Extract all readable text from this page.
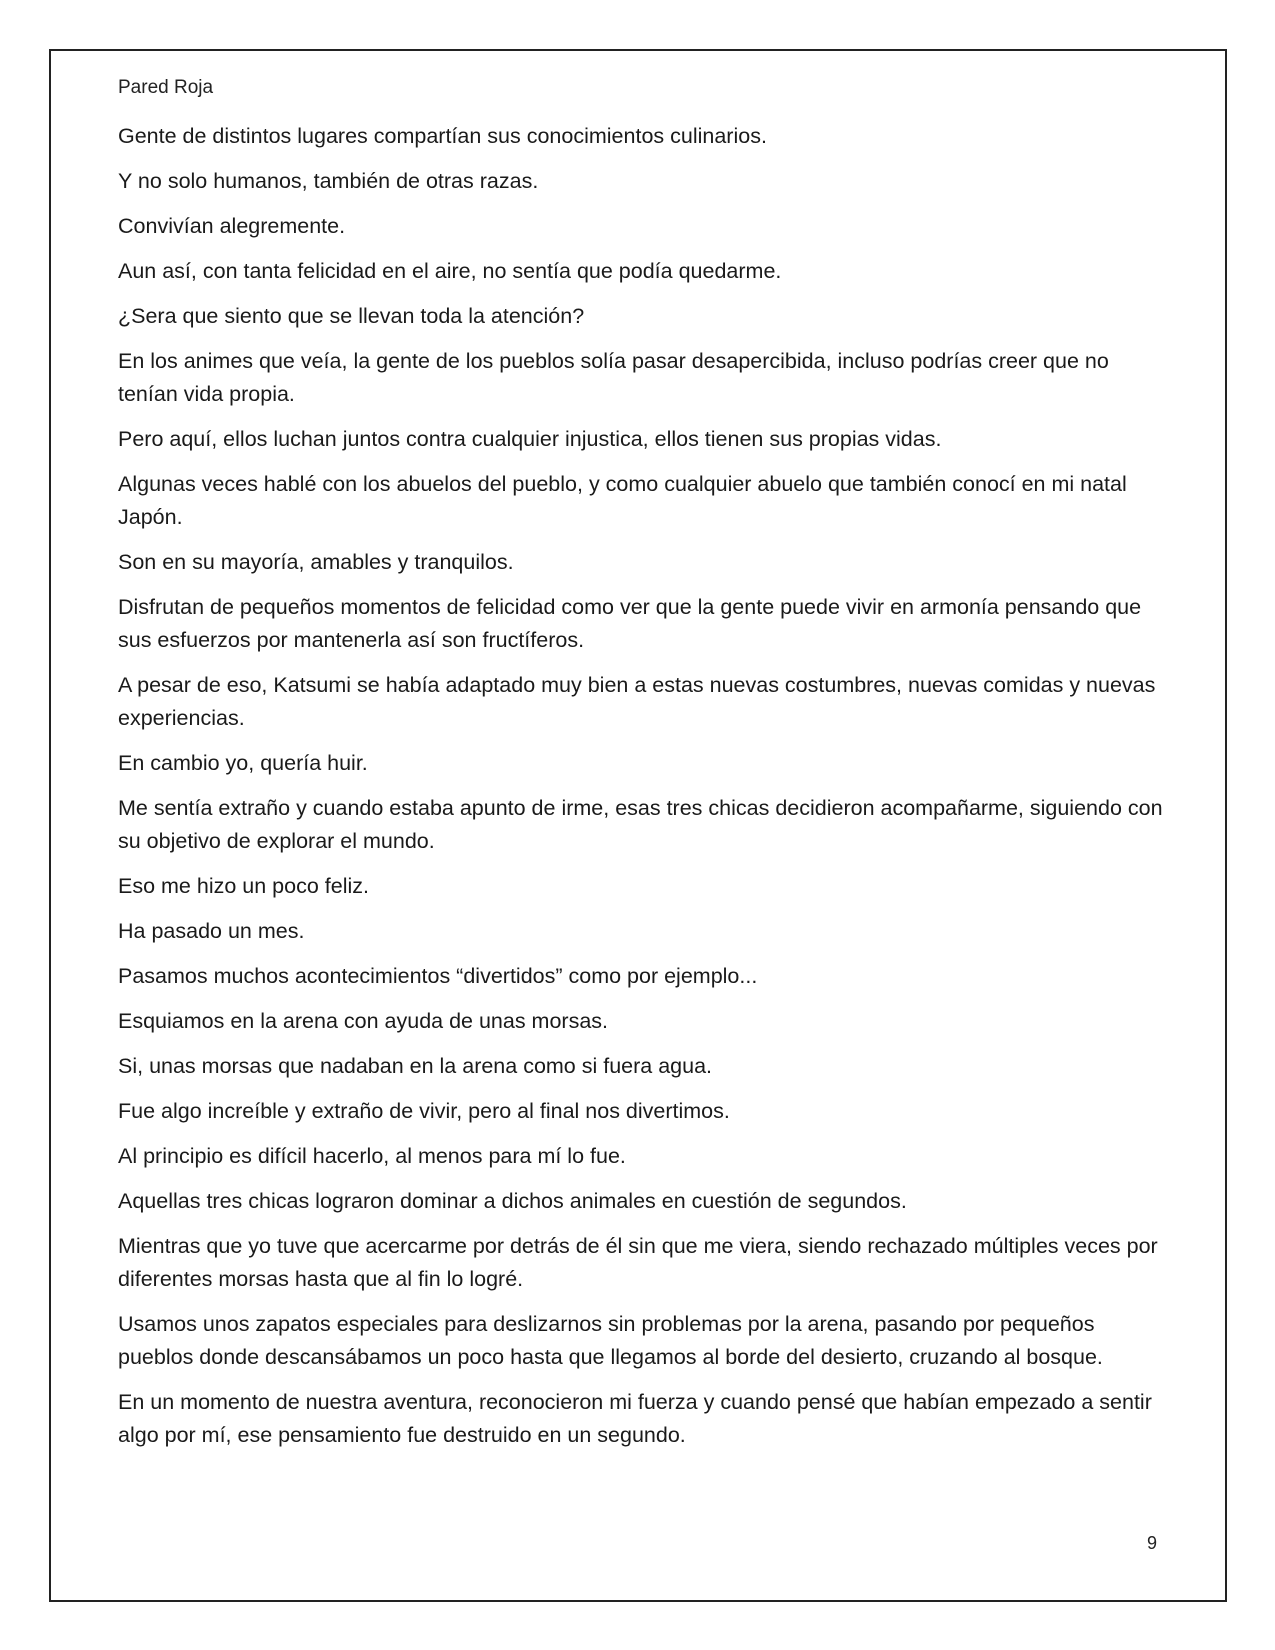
Pared Roja

Gente de distintos lugares compartían sus conocimientos culinarios.

Y no solo humanos, también de otras razas.

Convivían alegremente.

Aun así, con tanta felicidad en el aire, no sentía que podía quedarme.

¿Sera que siento que se llevan toda la atención?

En los animes que veía, la gente de los pueblos solía pasar desapercibida, incluso podrías creer que no tenían vida propia.

Pero aquí, ellos luchan juntos contra cualquier injustica, ellos tienen sus propias vidas.

Algunas veces hablé con los abuelos del pueblo, y como cualquier abuelo que también conocí en mi natal Japón.

Son en su mayoría, amables y tranquilos.

Disfrutan de pequeños momentos de felicidad como ver que la gente puede vivir en armonía pensando que sus esfuerzos por mantenerla así son fructíferos.

A pesar de eso, Katsumi se había adaptado muy bien a estas nuevas costumbres, nuevas comidas y nuevas experiencias.

En cambio yo, quería huir.

Me sentía extraño y cuando estaba apunto de irme, esas tres chicas decidieron acompañarme, siguiendo con su objetivo de explorar el mundo.

Eso me hizo un poco feliz.

Ha pasado un mes.

Pasamos muchos acontecimientos “divertidos” como por ejemplo...

Esquiamos en la arena con ayuda de unas morsas.

Si, unas morsas que nadaban en la arena como si fuera agua.

Fue algo increíble y extraño de vivir, pero al final nos divertimos.

Al principio es difícil hacerlo, al menos para mí lo fue.

Aquellas tres chicas lograron dominar a dichos animales en cuestión de segundos.

Mientras que yo tuve que acercarme por detrás de él sin que me viera, siendo rechazado múltiples veces por diferentes morsas hasta que al fin lo logré.

Usamos unos zapatos especiales para deslizarnos sin problemas por la arena, pasando por pequeños pueblos donde descansábamos un poco hasta que llegamos al borde del desierto, cruzando al bosque.

En un momento de nuestra aventura, reconocieron mi fuerza y cuando pensé que habían empezado a sentir algo por mí, ese pensamiento fue destruido en un segundo.

9
